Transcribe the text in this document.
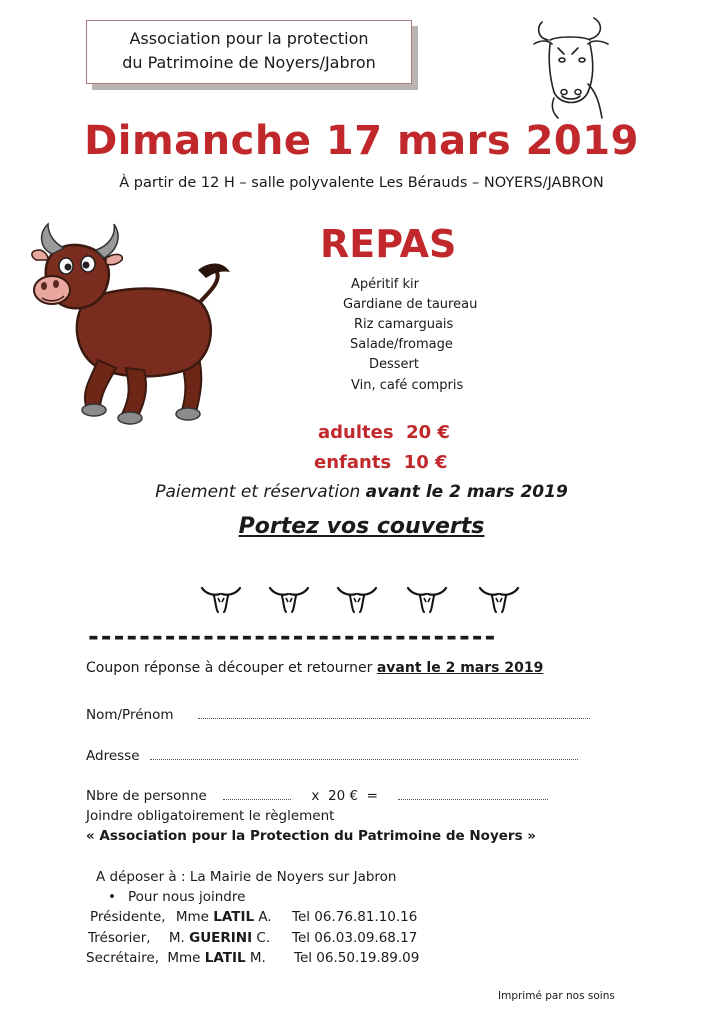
Association pour la protection
du Patrimoine de Noyers/Jabron
Dimanche 17 mars 2019
À partir de 12 H – salle polyvalente Les Bérauds – NOYERS/JABRON
REPAS
Apéritif kir
Gardiane de taureau
Riz camarguais
Salade/fromage
Dessert
Vin, café compris
adultes  20 €
enfants  10 €
Paiement et réservation avant le 2 mars 2019
Portez vos couverts
--------------------------------
Coupon réponse à découper et retourner avant le 2 mars 2019
Nom/Prénom
Adresse
Nbre de personne	x  20 €  =
Joindre obligatoirement le règlement
« Association pour la Protection du Patrimoine de Noyers »
A déposer à : La Mairie de Noyers sur Jabron
• Pour nous joindre
Présidente, Mme LATIL A. Tel 06.76.81.10.16
Trésorier, M. GUERINI C. Tel 06.03.09.68.17
Secrétaire, Mme LATIL M. Tel 06.50.19.89.09
Imprimé par nos soins
